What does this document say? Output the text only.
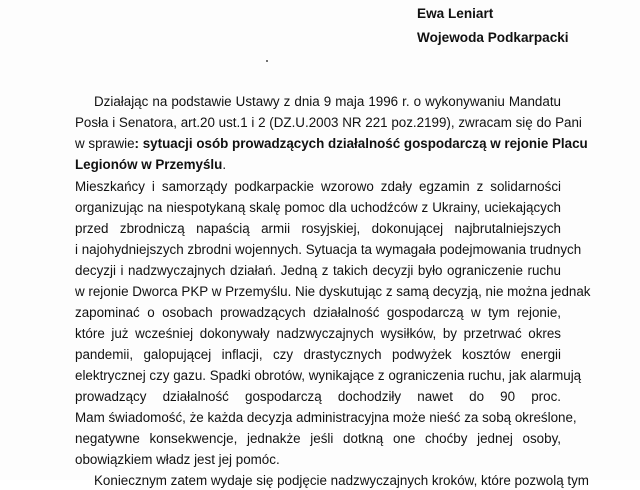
Ewa Leniart
Wojewoda Podkarpacki
Działając na podstawie Ustawy z dnia 9 maja 1996 r. o wykonywaniu Mandatu
Posła i Senatora, art.20 ust.1 i 2 (DZ.U.2003 NR 221 poz.2199), zwracam się do Pani
w sprawie: sytuacji osób prowadzących działalność gospodarczą w rejonie Placu
Legionów w Przemyślu.
Mieszkańcy i samorządy podkarpackie wzorowo zdały egzamin z solidarności
organizując na niespotykaną skalę pomoc dla uchodźców z Ukrainy, uciekających
przed zbrodniczą napaścią armii rosyjskiej, dokonującej najbrutalniejszych
i najohydniejszych zbrodni wojennych. Sytuacja ta wymagała podejmowania trudnych
decyzji i nadzwyczajnych działań. Jedną z takich decyzji było ograniczenie ruchu
w rejonie Dworca PKP w Przemyślu. Nie dyskutując z samą decyzją, nie można jednak
zapominać o osobach prowadzących działalność gospodarczą w tym rejonie,
które już wcześniej dokonywały nadzwyczajnych wysiłków, by przetrwać okres
pandemii, galopującej inflacji, czy drastycznych podwyżek kosztów energii
elektrycznej czy gazu. Spadki obrotów, wynikające z ograniczenia ruchu, jak alarmują
prowadzący działalność gospodarczą dochodziły nawet do 90 proc.
Mam świadomość, że każda decyzja administracyjna może nieść za sobą określone,
negatywne konsekwencje, jednakże jeśli dotkną one choćby jednej osoby,
obowiązkiem władz jest jej pomóc.
Koniecznym zatem wydaje się podjęcie nadzwyczajnych kroków, które pozwolą tym
